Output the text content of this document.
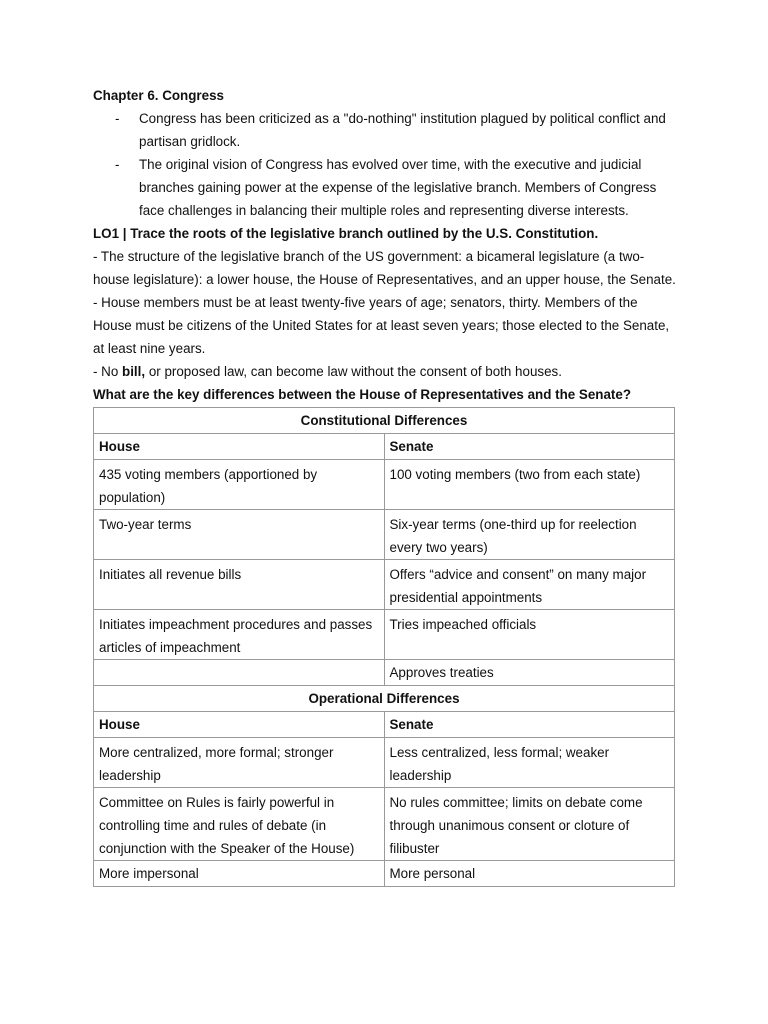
Chapter 6. Congress
- Congress has been criticized as a "do-nothing" institution plagued by political conflict and partisan gridlock.
- The original vision of Congress has evolved over time, with the executive and judicial branches gaining power at the expense of the legislative branch. Members of Congress face challenges in balancing their multiple roles and representing diverse interests.
LO1 | Trace the roots of the legislative branch outlined by the U.S. Constitution.

- The structure of the legislative branch of the US government: a bicameral legislature (a two-house legislature): a lower house, the House of Representatives, and an upper house, the Senate.

- House members must be at least twenty-five years of age; senators, thirty. Members of the House must be citizens of the United States for at least seven years; those elected to the Senate, at least nine years.

- No bill, or proposed law, can become law without the consent of both houses.

What are the key differences between the House of Representatives and the Senate?
Constitutional Differences	
House	Senate
435 voting members (apportioned by population)	100 voting members (two from each state)
Two-year terms	Six-year terms (one-third up for reelection every two years)
Initiates all revenue bills	Offers “advice and consent” on many major presidential appointments
Initiates impeachment procedures and passes articles of impeachment	Tries impeached officials
	Approves treaties
Operational Differences	
House	Senate
More centralized, more formal; stronger leadership	Less centralized, less formal; weaker leadership
Committee on Rules is fairly powerful in controlling time and rules of debate (in conjunction with the Speaker of the House)	No rules committee; limits on debate come through unanimous consent or cloture of filibuster
More impersonal	More personal
